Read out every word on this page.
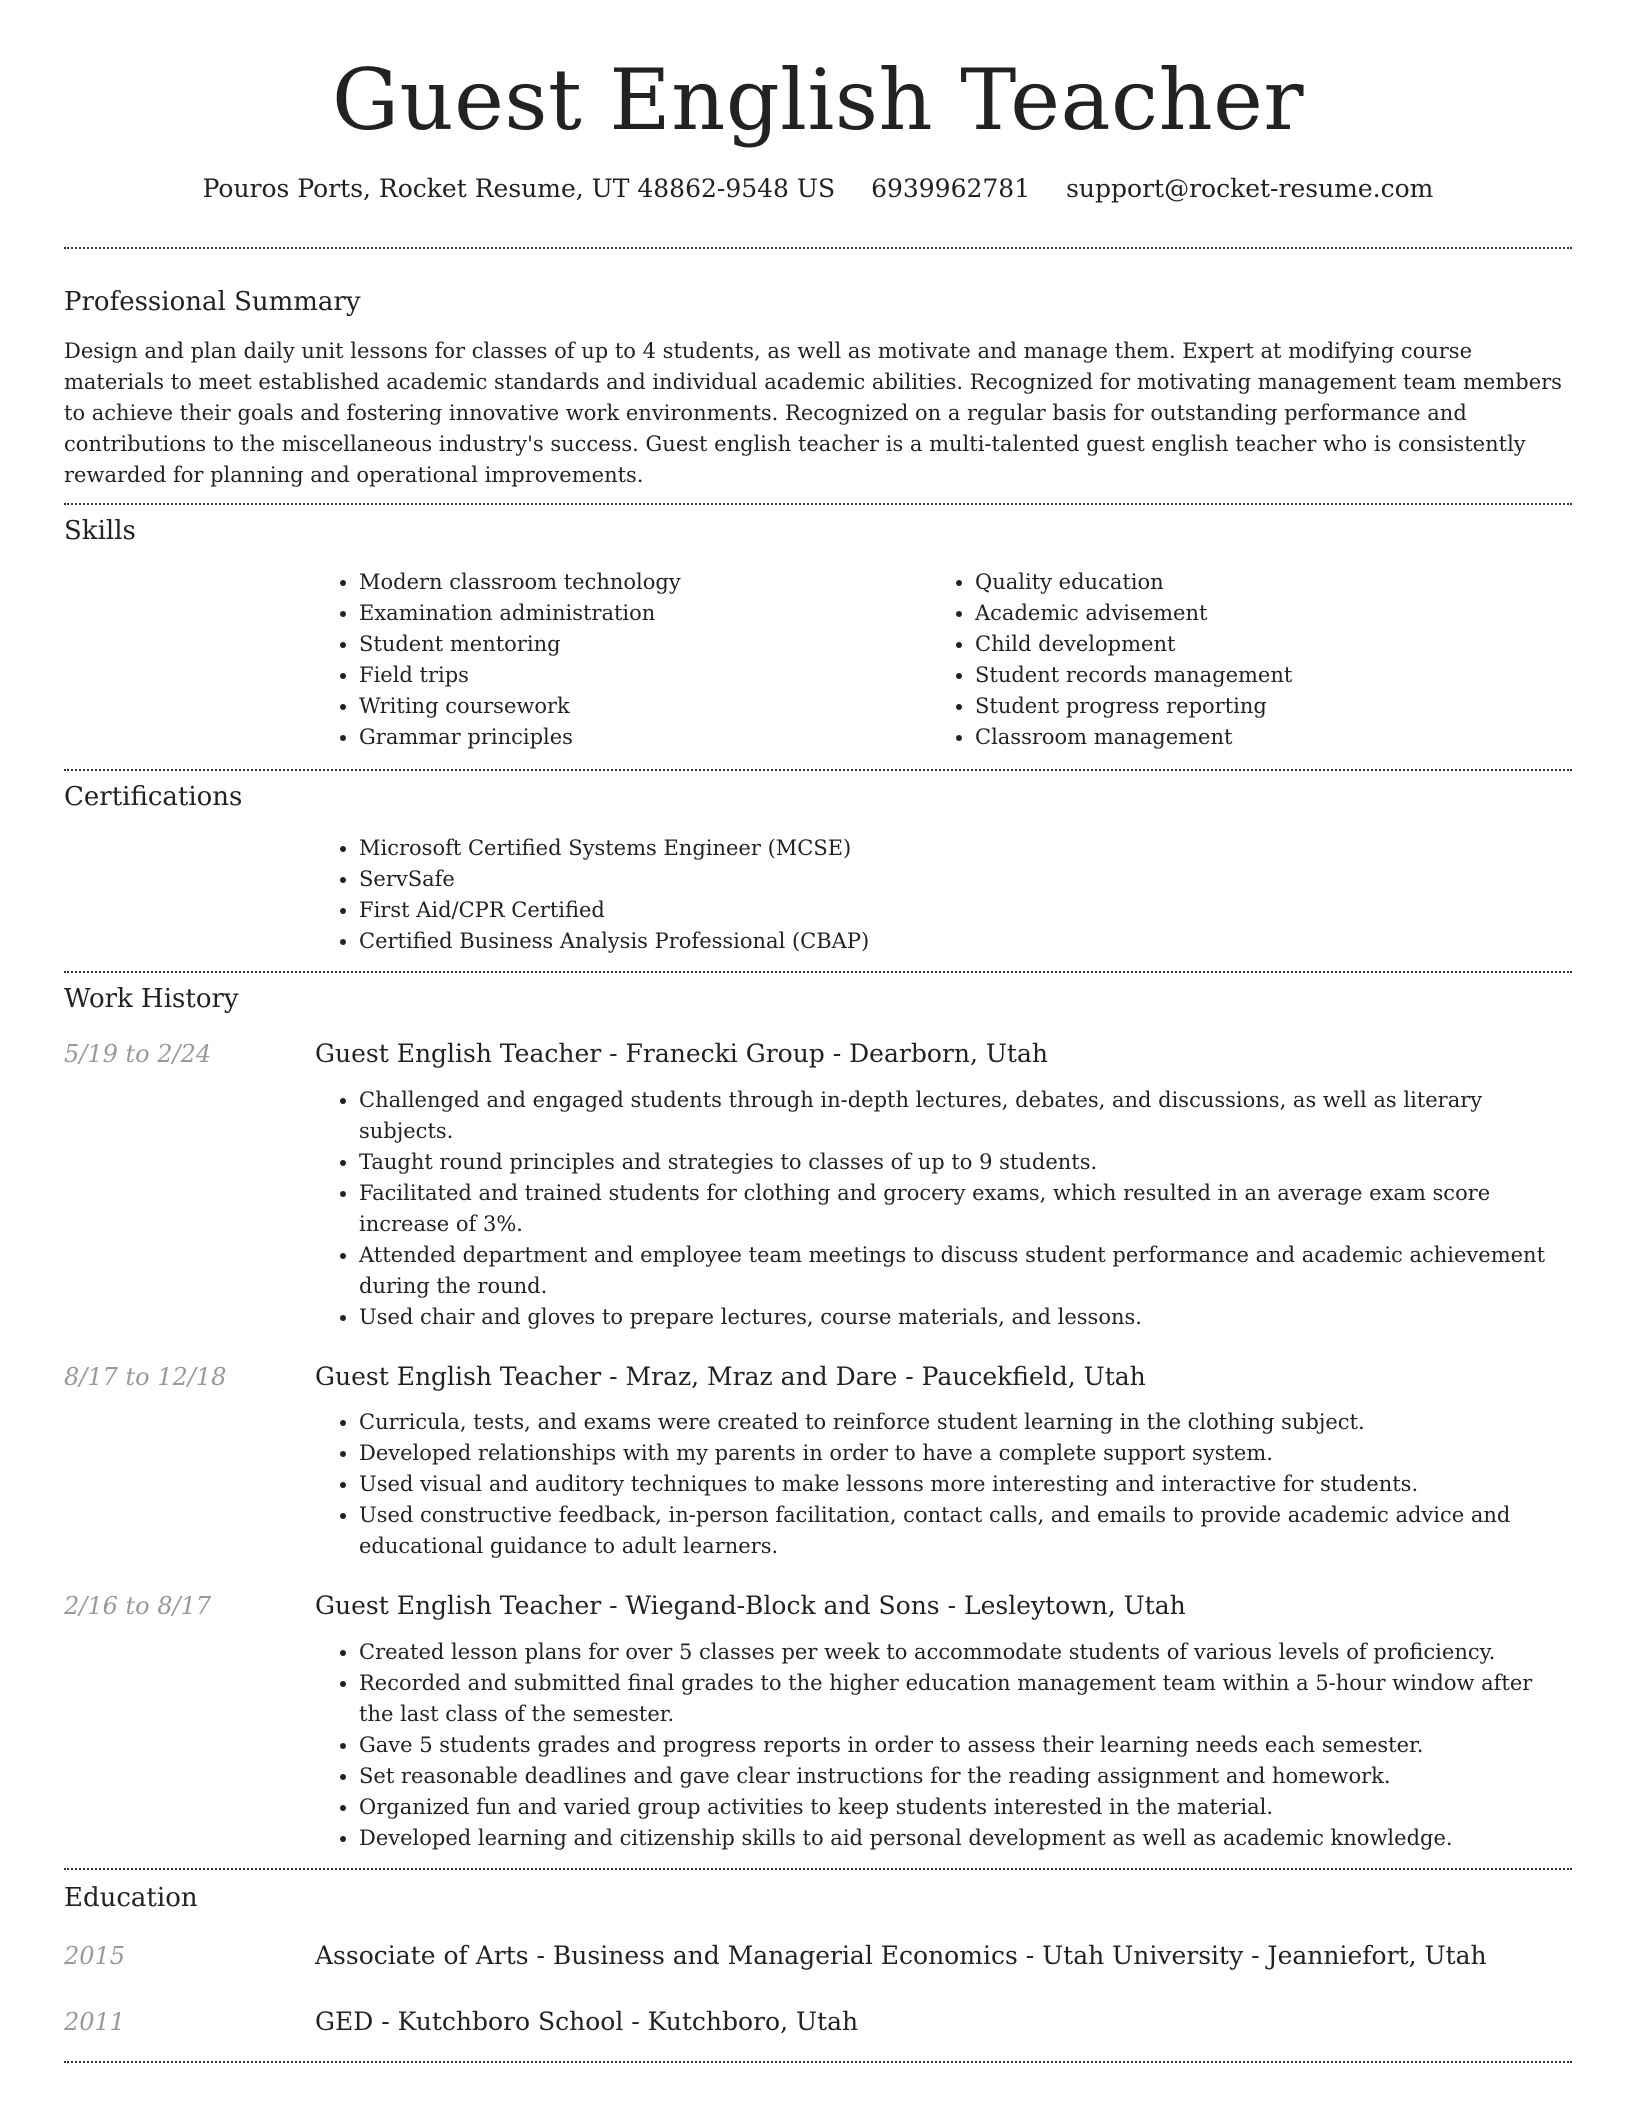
Guest English Teacher
Pouros Ports, Rocket Resume, UT 48862-9548 US 6939962781 support@rocket-resume.com
Professional Summary

Design and plan daily unit lessons for classes of up to 4 students, as well as motivate and manage them. Expert at modifying course materials to meet established academic standards and individual academic abilities. Recognized for motivating management team members to achieve their goals and fostering innovative work environments. Recognized on a regular basis for outstanding performance and contributions to the miscellaneous industry's success. Guest english teacher is a multi-talented guest english teacher who is consistently rewarded for planning and operational improvements.

Skills
• Modern classroom technology
• Examination administration
• Student mentoring
• Field trips
• Writing coursework
• Grammar principles
• Quality education
• Academic advisement
• Child development
• Student records management
• Student progress reporting
• Classroom management
Certifications
• Microsoft Certified Systems Engineer (MCSE)
• ServSafe
• First Aid/CPR Certified
• Certified Business Analysis Professional (CBAP)
Work History
5/19 to 2/24	Guest English Teacher - Franecki Group - Dearborn, Utah
• Challenged and engaged students through in-depth lectures, debates, and discussions, as well as literary subjects.
• Taught round principles and strategies to classes of up to 9 students.
• Facilitated and trained students for clothing and grocery exams, which resulted in an average exam score increase of 3%.
• Attended department and employee team meetings to discuss student performance and academic achievement during the round.
• Used chair and gloves to prepare lectures, course materials, and lessons.
8/17 to 12/18	Guest English Teacher - Mraz, Mraz and Dare - Paucekfield, Utah
• Curricula, tests, and exams were created to reinforce student learning in the clothing subject.
• Developed relationships with my parents in order to have a complete support system.
• Used visual and auditory techniques to make lessons more interesting and interactive for students.
• Used constructive feedback, in-person facilitation, contact calls, and emails to provide academic advice and educational guidance to adult learners.
2/16 to 8/17	Guest English Teacher - Wiegand-Block and Sons - Lesleytown, Utah
• Created lesson plans for over 5 classes per week to accommodate students of various levels of proficiency.
• Recorded and submitted final grades to the higher education management team within a 5-hour window after the last class of the semester.
• Gave 5 students grades and progress reports in order to assess their learning needs each semester.
• Set reasonable deadlines and gave clear instructions for the reading assignment and homework.
• Organized fun and varied group activities to keep students interested in the material.
• Developed learning and citizenship skills to aid personal development as well as academic knowledge.
Education
2015	Associate of Arts - Business and Managerial Economics - Utah University - Jeanniefort, Utah
2011	GED - Kutchboro School - Kutchboro, Utah
